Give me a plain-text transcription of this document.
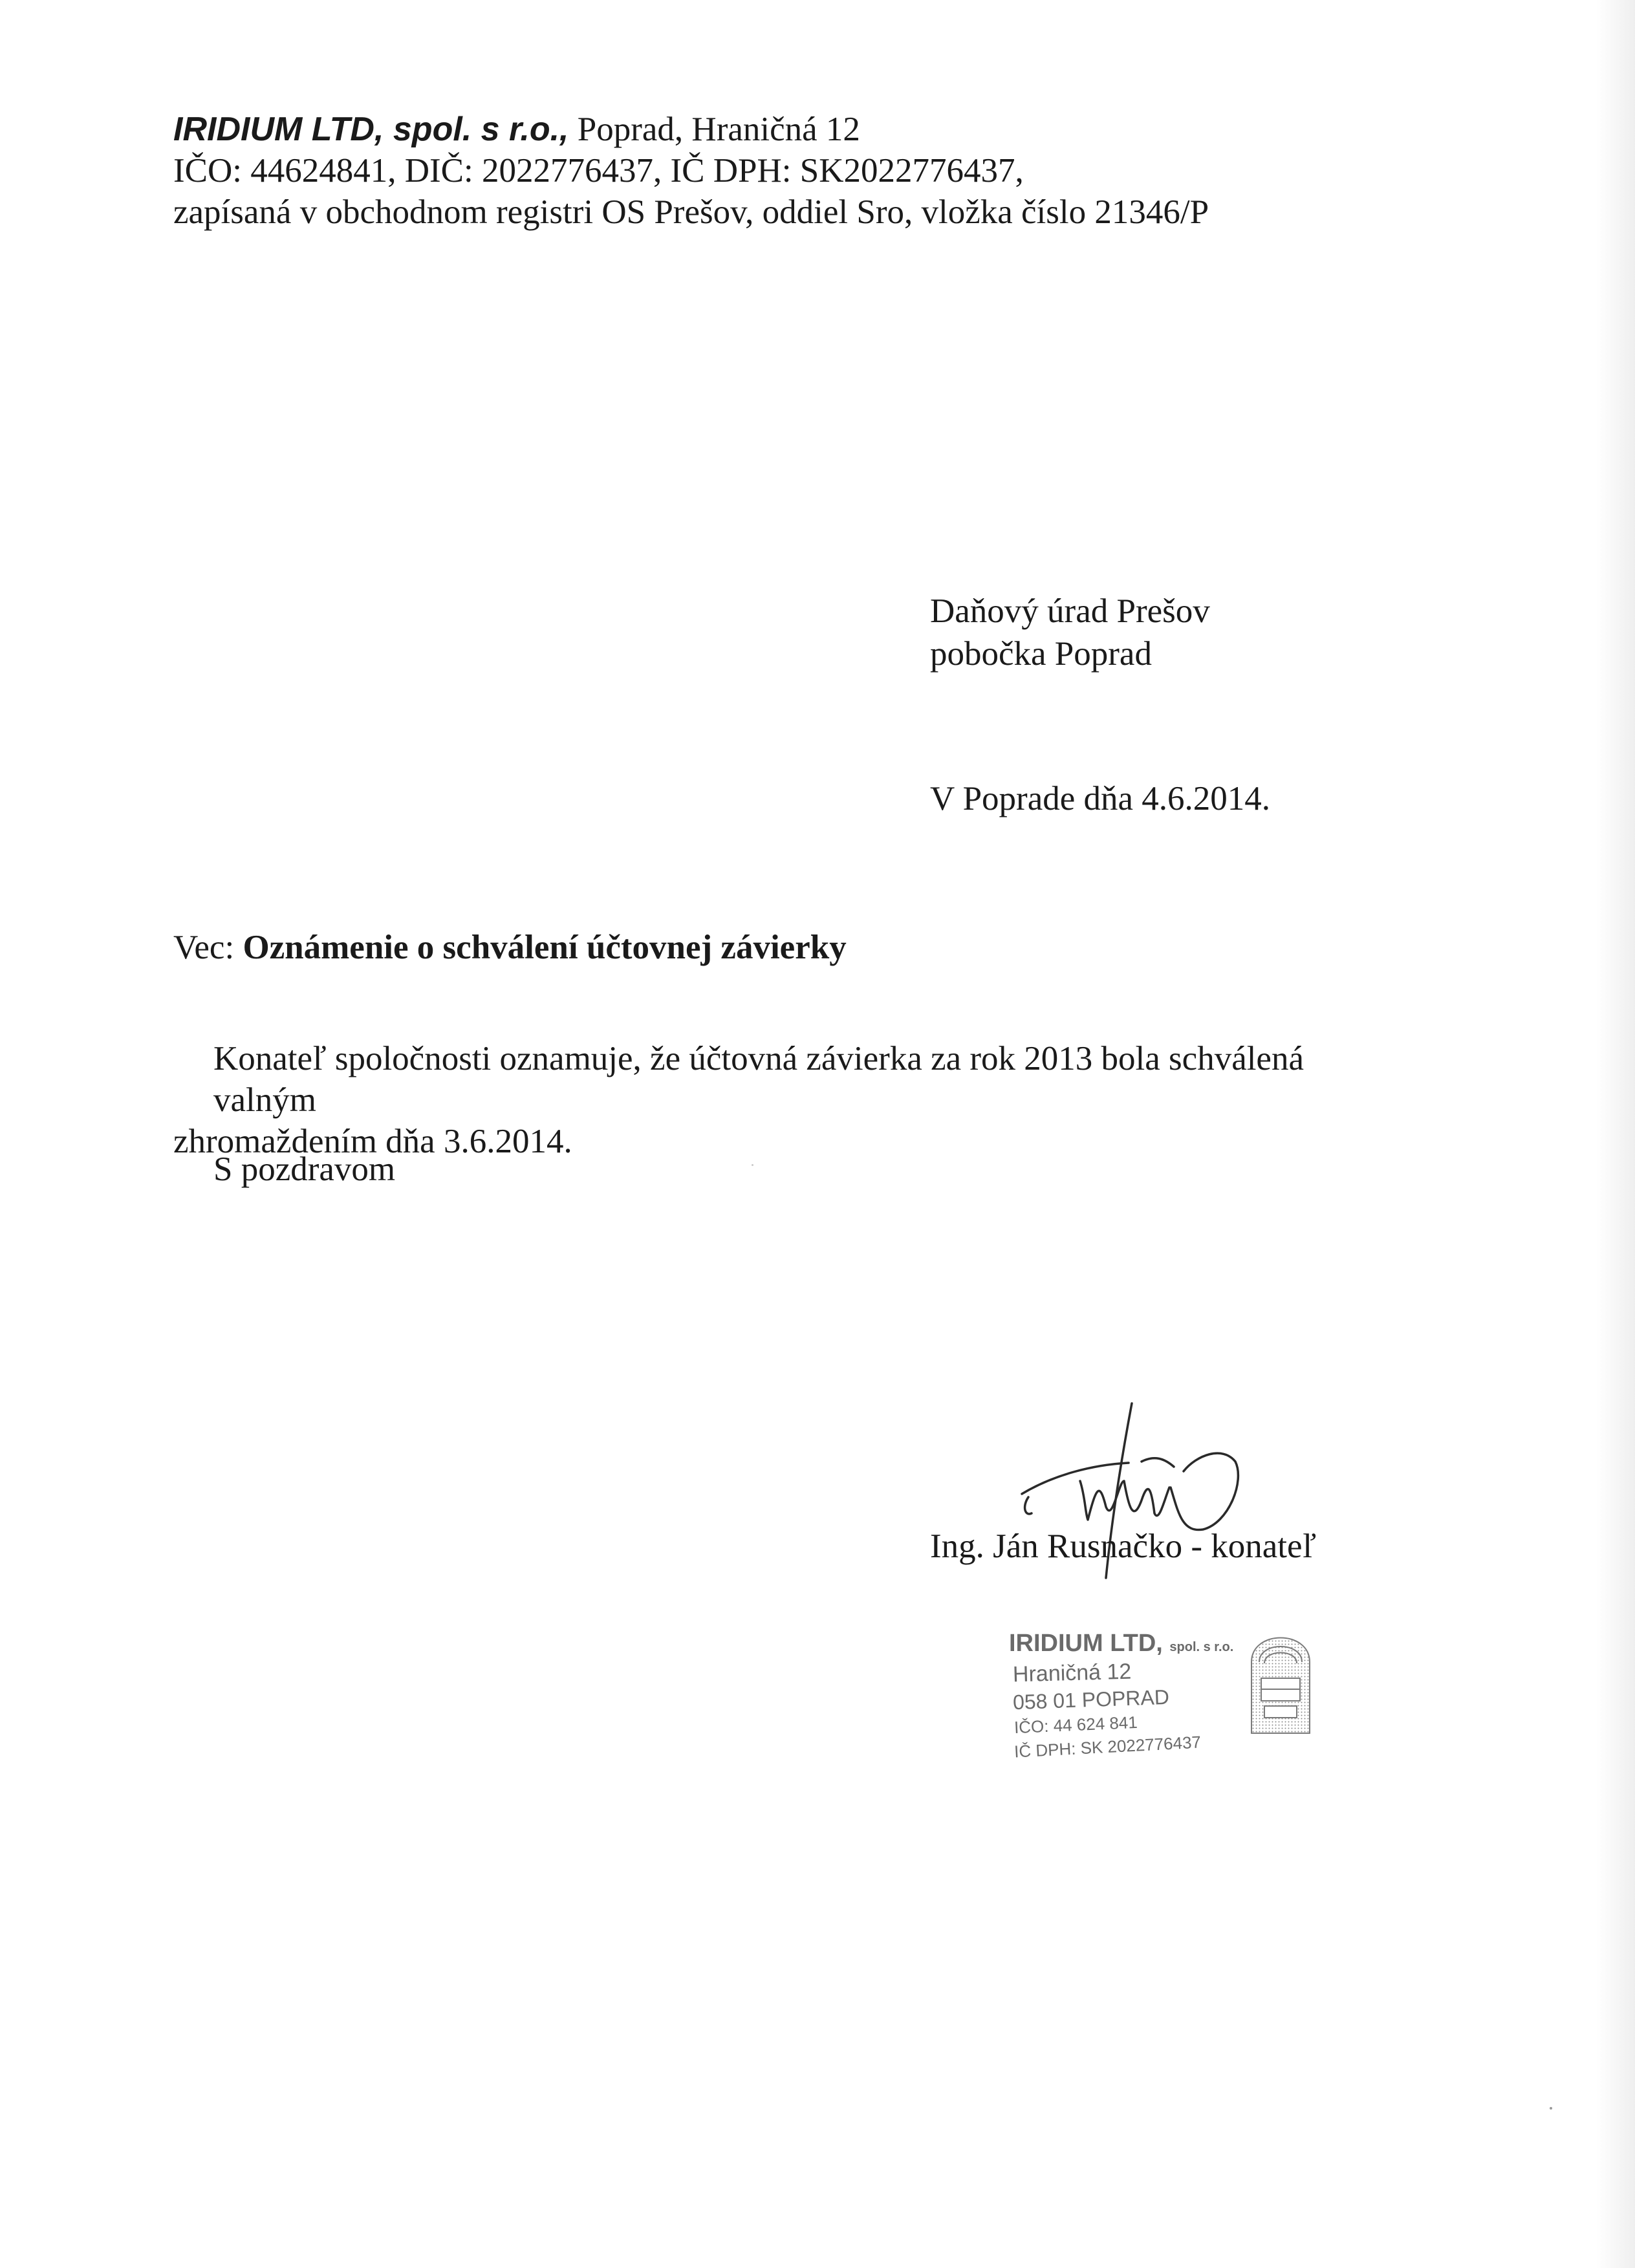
IRIDIUM LTD, spol. s r.o., Poprad, Hraničná 12
IČO: 44624841, DIČ: 2022776437, IČ DPH: SK2022776437,
zapísaná v obchodnom registri OS Prešov, oddiel Sro, vložka číslo 21346/P
Daňový úrad Prešov
pobočka Poprad
V Poprade dňa 4.6.2014.
Vec: Oznámenie o schválení účtovnej závierky
Konateľ spoločnosti oznamuje, že účtovná závierka za rok 2013 bola schválená valným
zhromaždením dňa 3.6.2014.
S pozdravom
Ing. Ján Rusnačko - konateľ
IRIDIUM LTD, spol. s r.o.
Hraničná 12
058 01 POPRAD
IČO: 44 624 841
IČ DPH: SK 2022776437
